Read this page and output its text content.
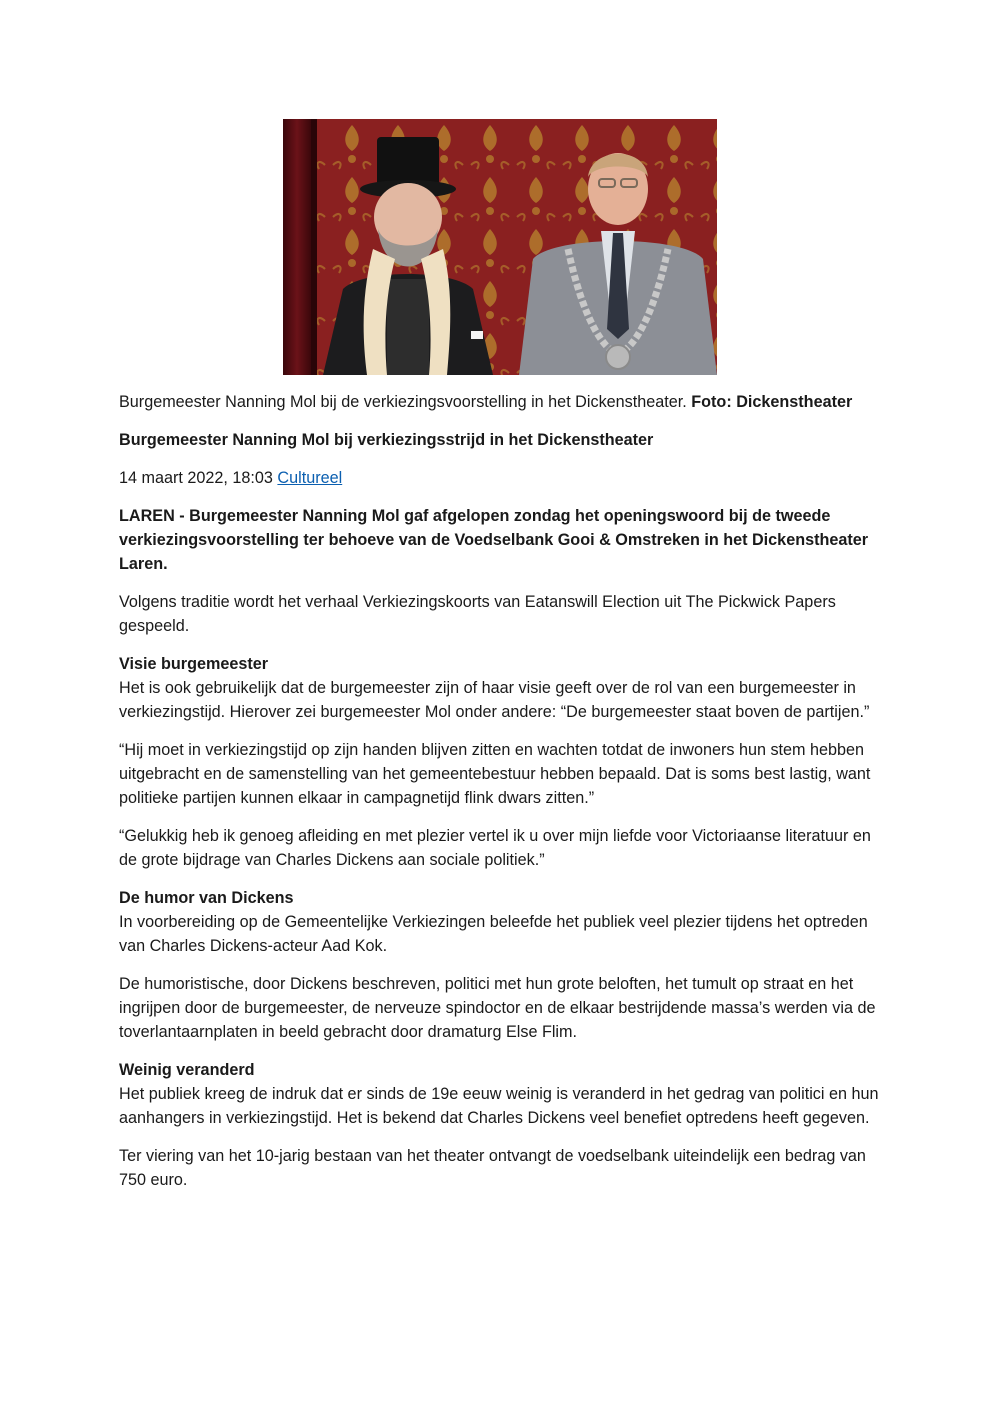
Burgemeester Nanning Mol bij de verkiezingsvoorstelling in het Dickenstheater. Foto: Dickenstheater

Burgemeester Nanning Mol bij verkiezingsstrijd in het Dickenstheater

14 maart 2022, 18:03 Cultureel

LAREN - Burgemeester Nanning Mol gaf afgelopen zondag het openingswoord bij de tweede verkiezingsvoorstelling ter behoeve van de Voedselbank Gooi & Omstreken in het Dickenstheater Laren.

Volgens traditie wordt het verhaal Verkiezingskoorts van Eatanswill Election uit The Pickwick Papers gespeeld.

Visie burgemeester
Het is ook gebruikelijk dat de burgemeester zijn of haar visie geeft over de rol van een burgemeester in verkiezingstijd. Hierover zei burgemeester Mol onder andere: “De burgemeester staat boven de partijen.”

“Hij moet in verkiezingstijd op zijn handen blijven zitten en wachten totdat de inwoners hun stem hebben uitgebracht en de samenstelling van het gemeentebestuur hebben bepaald. Dat is soms best lastig, want politieke partijen kunnen elkaar in campagnetijd flink dwars zitten.”

“Gelukkig heb ik genoeg afleiding en met plezier vertel ik u over mijn liefde voor Victoriaanse literatuur en de grote bijdrage van Charles Dickens aan sociale politiek.”

De humor van Dickens
In voorbereiding op de Gemeentelijke Verkiezingen beleefde het publiek veel plezier tijdens het optreden van Charles Dickens-acteur Aad Kok.

De humoristische, door Dickens beschreven, politici met hun grote beloften, het tumult op straat en het ingrijpen door de burgemeester, de nerveuze spindoctor en de elkaar bestrijdende massa’s werden via de toverlantaarnplaten in beeld gebracht door dramaturg Else Flim.

Weinig veranderd
Het publiek kreeg de indruk dat er sinds de 19e eeuw weinig is veranderd in het gedrag van politici en hun aanhangers in verkiezingstijd. Het is bekend dat Charles Dickens veel benefiet optredens heeft gegeven.

Ter viering van het 10-jarig bestaan van het theater ontvangt de voedselbank uiteindelijk een bedrag van 750 euro.
